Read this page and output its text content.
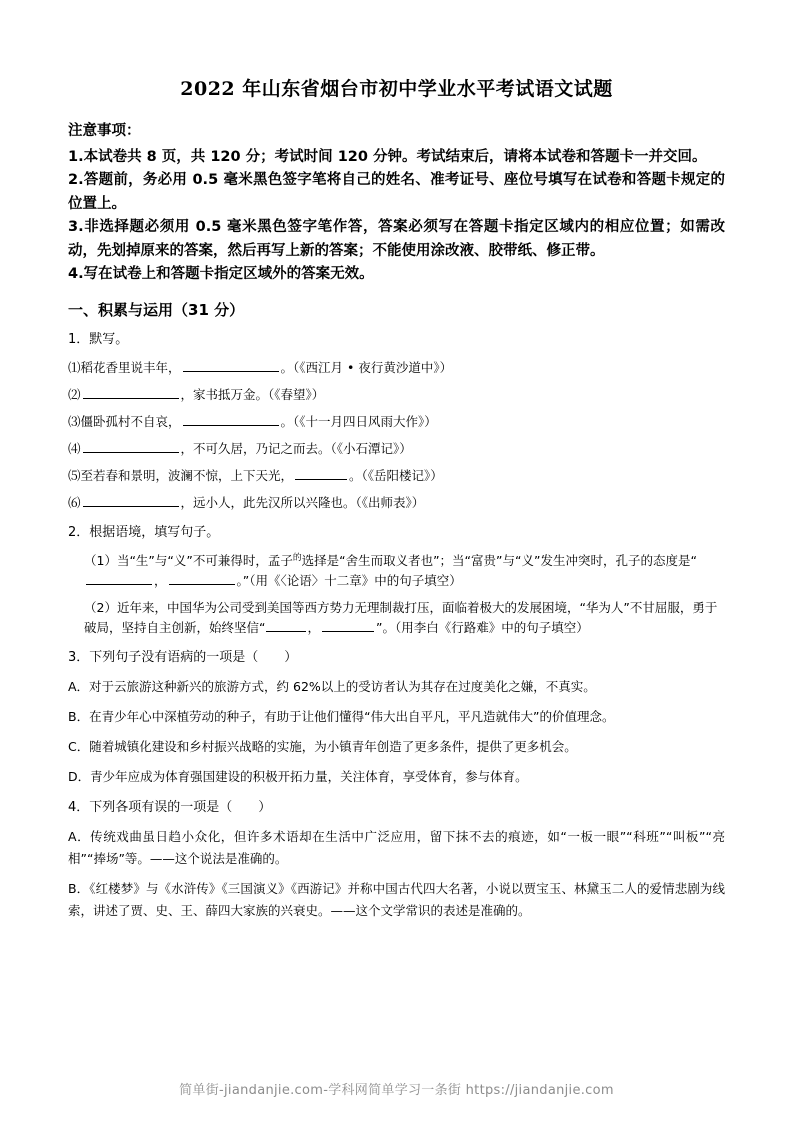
2022 年山东省烟台市初中学业水平考试语文试题
注意事项：

1.本试卷共 8 页，共 120 分；考试时间 120 分钟。考试结束后，请将本试卷和答题卡一并交回。

2.答题前，务必用 0.5 毫米黑色签字笔将自己的姓名、准考证号、座位号填写在试卷和答题卡规定的位置上。

3.非选择题必须用 0.5 毫米黑色签字笔作答，答案必须写在答题卡指定区域内的相应位置；如需改动，先划掉原来的答案，然后再写上新的答案；不能使用涂改液、胶带纸、修正带。

4.写在试卷上和答题卡指定区域外的答案无效。

一、积累与运用（31 分）
1．默写。
⑴稻花香里说丰年，	。（《西江月 • 夜行黄沙道中》）
⑵	，家书抵万金。（《春望》）
⑶僵卧孤村不自哀，	。（《十一月四日风雨大作》）
⑷	，不可久居，乃记之而去。（《小石潭记》）
⑸至若春和景明，波澜不惊，上下天光，	。（《岳阳楼记》）
⑹	，远小人，此先汉所以兴隆也。（《出师表》）
2．根据语境，填写句子。
（1）当“生”与“义”不可兼得时，孟子$^的$选择是“舍生而取义者也”；当“富贵”与“义”发生冲突时，孔子的态度是“，	。”（用《〈论语〉十二章》中的句子填空）
（2）近年来，中国华为公司受到美国等西方势力无理制裁打压，面临着极大的发展困境，“华为人”不甘屈服，勇于破局，坚持自主创新，始终坚信“	，	”。（用李白《行路难》中的句子填空）
3．下列句子没有语病的一项是（ ）
A．对于云旅游这种新兴的旅游方式，约 62%以上的受访者认为其存在过度美化之嫌，不真实。
B．在青少年心中深植劳动的种子，有助于让他们懂得“伟大出自平凡，平凡造就伟大”的价值理念。
C．随着城镇化建设和乡村振兴战略的实施，为小镇青年创造了更多条件，提供了更多机会。
D．青少年应成为体育强国建设的积极开拓力量，关注体育，享受体育，参与体育。
4．下列各项有误的一项是（ ）
A．传统戏曲虽日趋小众化，但许多术语却在生活中广泛应用，留下抹不去的痕迹，如“一板一眼”“科班”“叫板”“亮相”“捧场”等。——这个说法是准确的。
B．《红楼梦》与《水浒传》《三国演义》《西游记》并称中国古代四大名著，小说以贾宝玉、林黛玉二人的爱情悲剧为线索，讲述了贾、史、王、薛四大家族的兴衰史。——这个文学常识的表述是准确的。
简单街-jiandanjie.com-学科网简单学习一条街 https://jiandanjie.com
